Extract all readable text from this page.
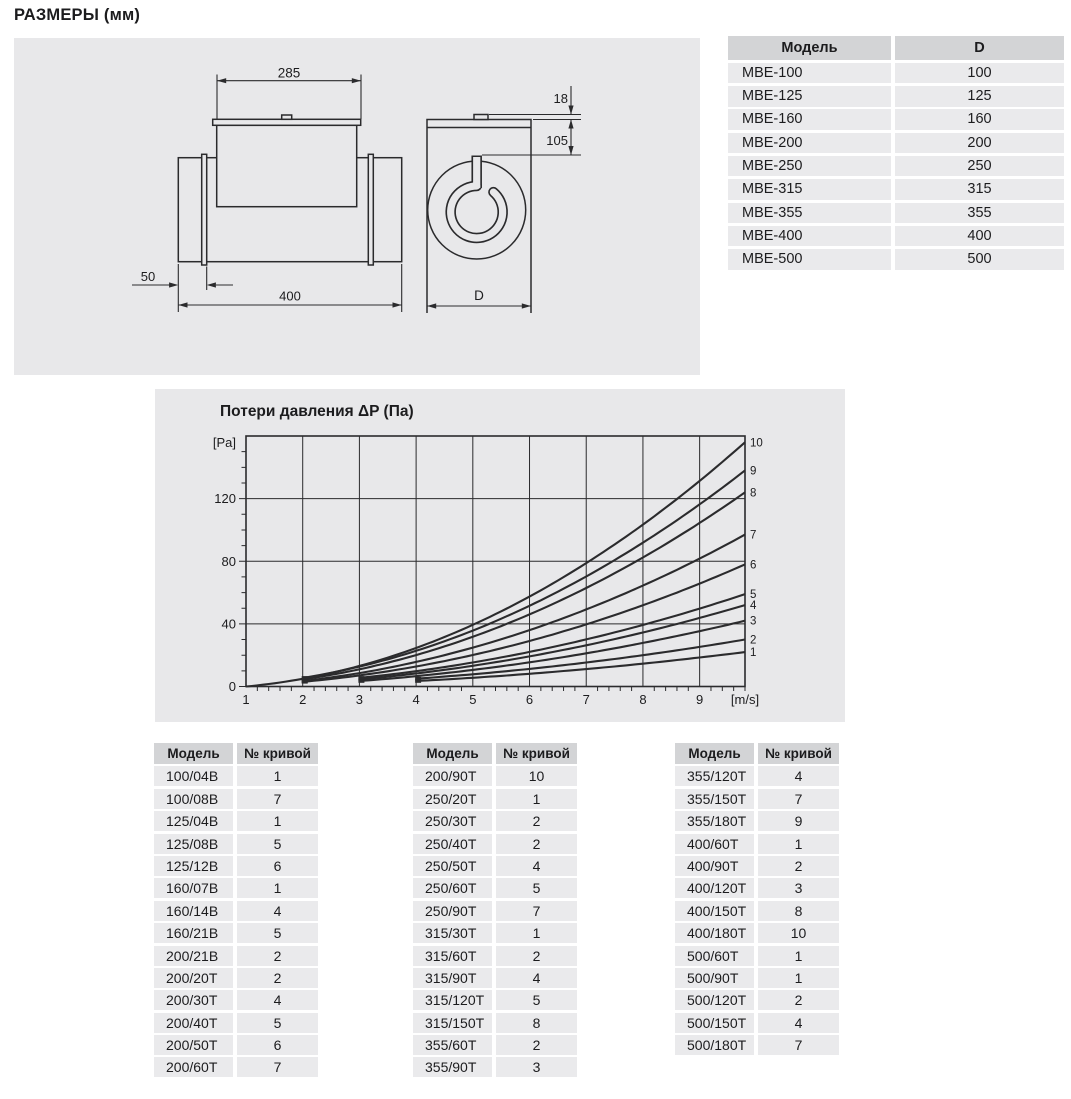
РАЗМЕРЫ (мм)
285
18
105
50
400	D
Модель	D
МВЕ-100	100
МВЕ-125	125
МВЕ-160	160
МВЕ-200	200
МВЕ-250	250
МВЕ-315	315
МВЕ-355	355
МВЕ-400	400
МВЕ-500	500
Потери давления ΔP (Па)
1
2
3
4
5
6
7
8
9
10
1	2	3	4	5	6	7	8	9 [m/s]
0
40
80
120
[Pa]
Модель	№ кривой
100/04В	1
100/08В	7
125/04В	1
125/08В	5
125/12В	6
160/07В	1
160/14В	4
160/21В	5
200/21В	2
200/20Т	2
200/30Т	4
200/40Т	5
200/50Т	6
200/60Т	7
Модель	№ кривой
200/90Т	10
250/20Т	1
250/30Т	2
250/40Т	2
250/50Т	4
250/60Т	5
250/90Т	7
315/30Т	1
315/60Т	2
315/90Т	4
315/120Т	5
315/150Т	8
355/60Т	2
355/90Т	3
Модель	№ кривой
355/120Т	4
355/150Т	7
355/180Т	9
400/60Т	1
400/90Т	2
400/120Т	3
400/150Т	8
400/180Т	10
500/60Т	1
500/90Т	1
500/120Т	2
500/150Т	4
500/180Т	7
